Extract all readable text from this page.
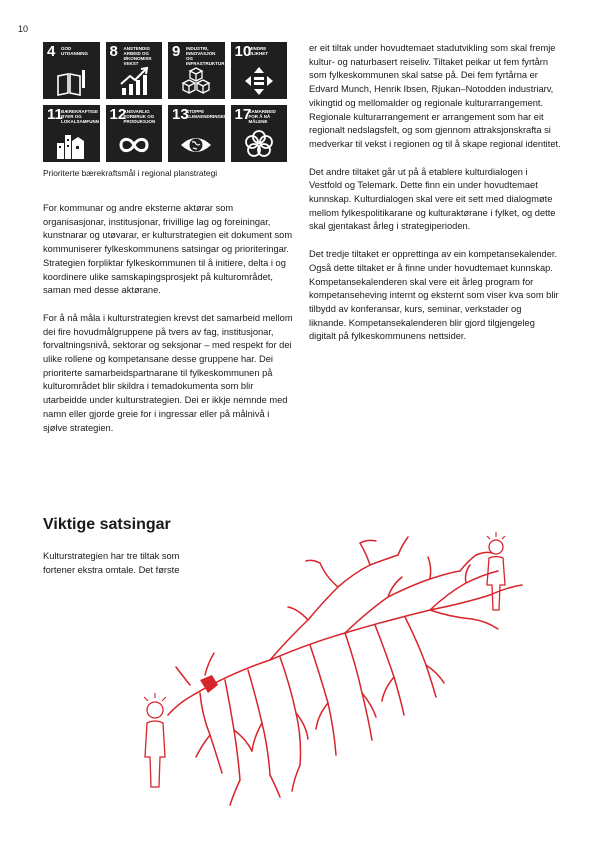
10
4 GOD UTDANNING	8 ANSTENDIG ARBEID OG ØKONOMISK VEKST
9 INDUSTRI, INNOVASJON OG INFRASTRUKTUR
10
MINDRE ULIKHET
11
BÆREKRAFTIGE BYER OG LOKALSAMFUNN 12
ANSVARLIG FORBRUK OG PRODUKSJON 13
STOPPE KLIMAENDRINGENE 17
SAMARBEID FOR Å NÅ MÅLENE
Prioriterte bærekraftsmål i regional planstrategi

For kommunar og andre eksterne aktørar som organisasjonar, institusjonar, frivillige lag og foreiningar, kunstnarar og utøvarar, er kulturstrategien eit dokument som kommuniserer fylkeskommunens satsingar og prioriteringar. Strategien forpliktar fylkeskommunen til å initiere, delta i og koordinere ulike samskapingsprosjekt på kulturområdet, saman med desse aktørane.

For å nå måla i kulturstrategien krevst det samarbeid mellom dei fire hovudmålgruppene på tvers av fag, institusjonar, forvaltningsnivå, sektorar og seksjonar – med respekt for dei ulike rollene og kompetansane desse gruppene har. Dei prioriterte samarbeidspartnarane til fylkeskommunen på kulturområdet blir skildra i temadokumenta som blir utarbeidde under kulturstrategien. Dei er ikkje nemnde med namn eller gjorde greie for i ingressar eller på målnivå i sjølve strategien.

er eit tiltak under hovudtemaet stadutvikling som skal fremje kultur- og naturbasert reiseliv. Tiltaket peikar ut fem fyrtårn som fylkeskommunen skal satse på. Dei fem fyrtårna er Edvard Munch, Henrik Ibsen, Rjukan–Notodden industriarv, vikingtid og mellomalder og regionale kulturarrangement. Regionale kulturarrangement er arrangement som har eit regionalt nedslagsfelt, og som gjennom attraksjonskrafta si medverkar til vekst i regionen og til å skape regional identitet.

Det andre tiltaket går ut på å etablere kulturdialogen i Vestfold og Telemark. Dette finn ein under hovudtemaet kunnskap. Kulturdialogen skal vere eit sett med dialogmøte mellom fylkespolitikarane og kulturaktørane i fylket, og dette skal gjentakast årleg i strategiperioden.

Det tredje tiltaket er opprettinga av ein kompetansekalender. Også dette tiltaket er å finne under hovudtemaet kunnskap. Kompetansekalenderen skal vere eit årleg program for kompetanseheving internt og eksternt som viser kva som blir tilbydd av konferansar, kurs, seminar, verkstader og liknande. Kompetansekalenderen blir gjord tilgjengeleg digitalt på fylkeskommunens nettsider.

Viktige satsingar

Kulturstrategien har tre tiltak som fortener ekstra omtale. Det første
